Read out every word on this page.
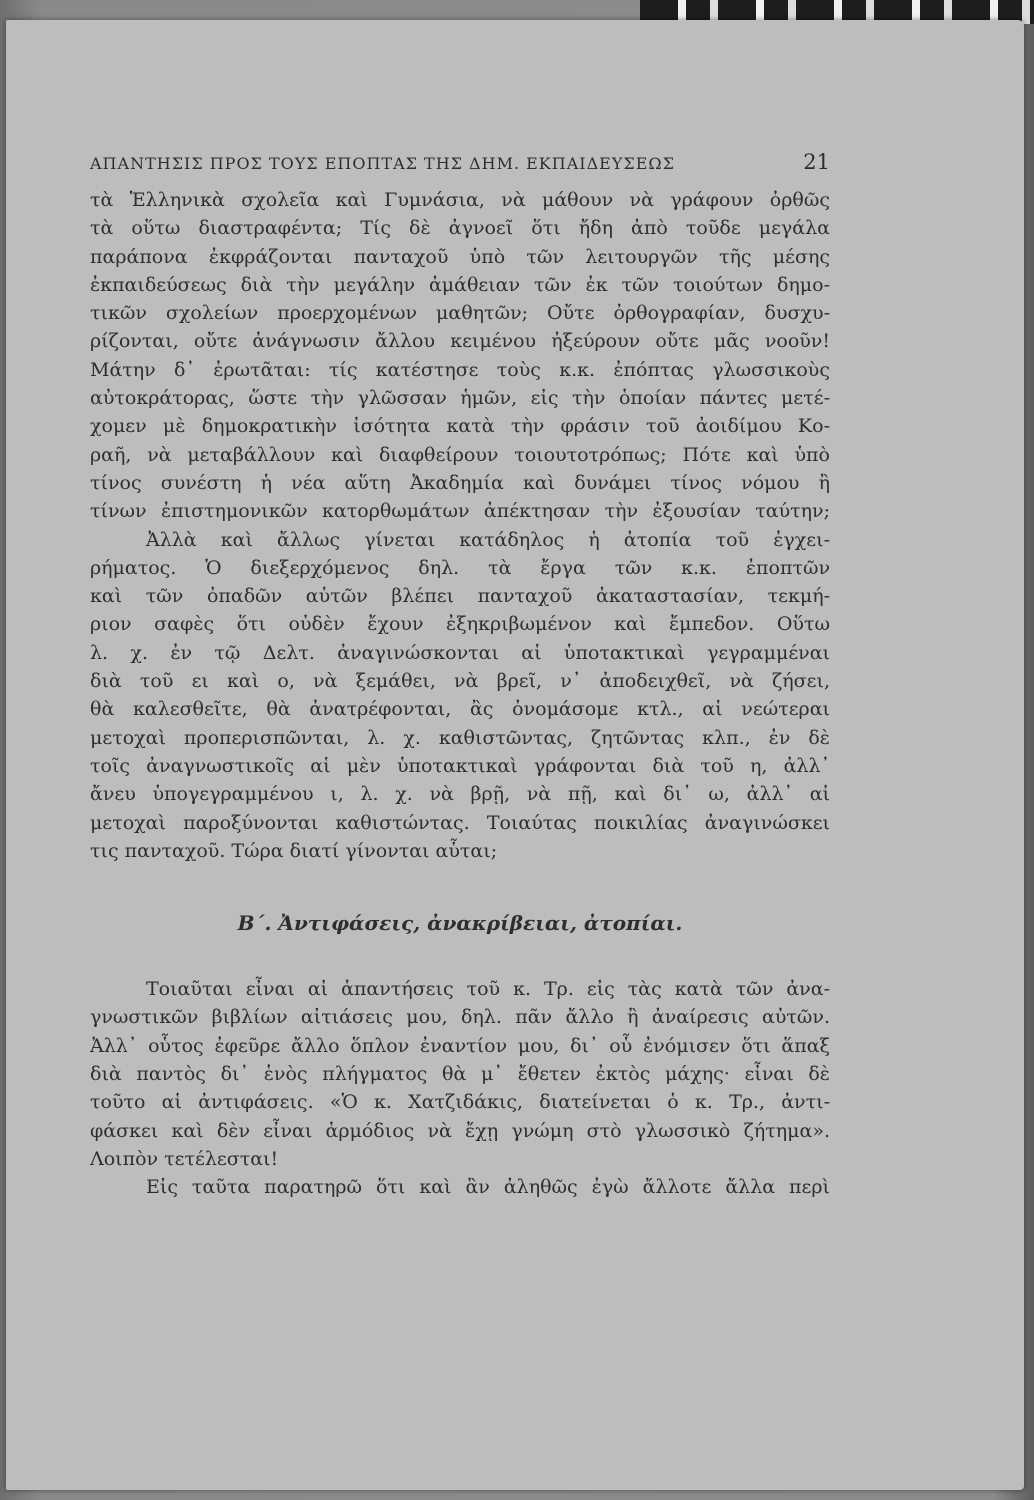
ΑΠΑΝΤΗΣΙΣ ΠΡΟΣ ΤΟΥΣ ΕΠΟΠΤΑΣ ΤΗΣ ΔΗΜ. ΕΚΠΑΙΔΕΥΣΕΩΣ	21

τὰ Ἑλληνικὰ σχολεῖα καὶ Γυμνάσια, νὰ μάθουν νὰ γράφουν ὀρθῶς
τὰ οὕτω διαστραφέντα; Τίς δὲ ἀγνοεῖ ὅτι ἤδη ἀπὸ τοῦδε μεγάλα
παράπονα ἐκφράζονται πανταχοῦ ὑπὸ τῶν λειτουργῶν τῆς μέσης
ἐκπαιδεύσεως διὰ τὴν μεγάλην ἀμάθειαν τῶν ἐκ τῶν τοιούτων δημο-
τικῶν σχολείων προερχομένων μαθητῶν; Οὔτε ὀρθογραφίαν, δυσχυ-
ρίζονται, οὔτε ἀνάγνωσιν ἄλλου κειμένου ἠξεύρουν οὔτε μᾶς νοοῦν!
Μάτην δ᾽ ἐρωτᾶται: τίς κατέστησε τοὺς κ.κ. ἐπόπτας γλωσσικοὺς
αὐτοκράτορας, ὥστε τὴν γλῶσσαν ἡμῶν, εἰς τὴν ὁποίαν πάντες μετέ-
χομεν μὲ δημοκρατικὴν ἰσότητα κατὰ τὴν φράσιν τοῦ ἀοιδίμου Κο-
ραῆ, νὰ μεταβάλλουν καὶ διαφθείρουν τοιουτοτρόπως; Πότε καὶ ὑπὸ
τίνος συνέστη ἡ νέα αὕτη Ἀκαδημία καὶ δυνάμει τίνος νόμου ἢ
τίνων ἐπιστημονικῶν κατορθωμάτων ἀπέκτησαν τὴν ἐξουσίαν ταύτην;

Ἀλλὰ καὶ ἄλλως γίνεται κατάδηλος ἡ ἀτοπία τοῦ ἐγχει-
ρήματος. Ὁ διεξερχόμενος δηλ. τὰ ἔργα τῶν κ.κ. ἐποπτῶν
καὶ τῶν ὀπαδῶν αὐτῶν βλέπει πανταχοῦ ἀκαταστασίαν, τεκμή-
ριον σαφὲς ὅτι οὐδὲν ἔχουν ἐξηκριβωμένον καὶ ἔμπεδον. Οὕτω
λ. χ. ἐν τῷ Δελτ. ἀναγινώσκονται αἱ ὑποτακτικαὶ γεγραμμέναι
διὰ τοῦ ει καὶ ο, νὰ ξεμάθει, νὰ βρεῖ, ν᾽ ἀποδειχθεῖ, νὰ ζήσει,
θὰ καλεσθεῖτε, θὰ ἀνατρέφονται, ἂς ὀνομάσομε κτλ., αἱ νεώτεραι
μετοχαὶ προπερισπῶνται, λ. χ. καθιστῶντας, ζητῶντας κλπ., ἐν δὲ
τοῖς ἀναγνωστικοῖς αἱ μὲν ὑποτακτικαὶ γράφονται διὰ τοῦ η, ἀλλ᾽
ἄνευ ὑπογεγραμμένου ι, λ. χ. νὰ βρῇ, νὰ πῇ, καὶ δι᾽ ω, ἀλλ᾽ αἱ
μετοχαὶ παροξύνονται καθιστώντας. Τοιαύτας ποικιλίας ἀναγινώσκει
τις πανταχοῦ. Τώρα διατί γίνονται αὗται;

Β΄. Ἀντιφάσεις, ἀνακρίβειαι, ἀτοπίαι.

Τοιαῦται εἶναι αἱ ἀπαντήσεις τοῦ κ. Τρ. εἰς τὰς κατὰ τῶν ἀνα-
γνωστικῶν βιβλίων αἰτιάσεις μου, δηλ. πᾶν ἄλλο ἢ ἀναίρεσις αὐτῶν.
Ἀλλ᾽ οὗτος ἐφεῦρε ἄλλο ὅπλον ἐναντίον μου, δι᾽ οὗ ἐνόμισεν ὅτι ἅπαξ
διὰ παντὸς δι᾽ ἑνὸς πλήγματος θὰ μ᾽ ἔθετεν ἐκτὸς μάχης· εἶναι δὲ
τοῦτο αἱ ἀντιφάσεις. «Ὁ κ. Χατζιδάκις, διατείνεται ὁ κ. Τρ., ἀντι-
φάσκει καὶ δὲν εἶναι ἁρμόδιος νὰ ἔχῃ γνώμη στὸ γλωσσικὸ ζήτημα».
Λοιπὸν τετέλεσται!

Εἰς ταῦτα παρατηρῶ ὅτι καὶ ἂν ἀληθῶς ἐγὼ ἄλλοτε ἄλλα περὶ
